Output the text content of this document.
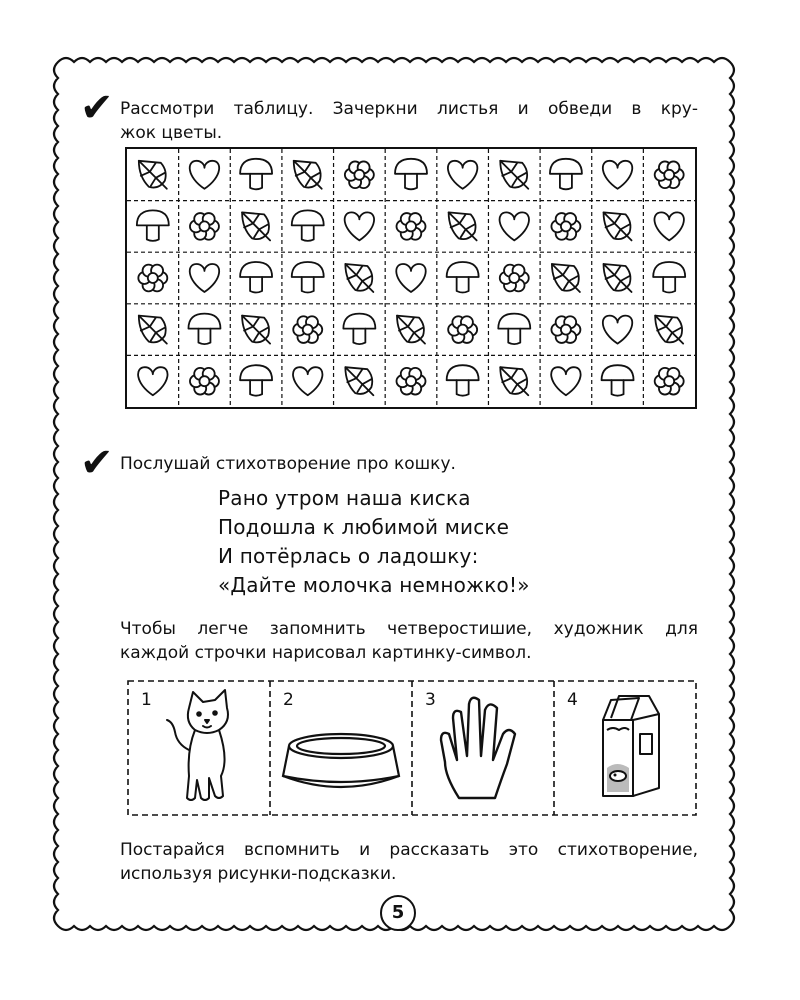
✔ Рассмотри таблицу. Зачеркни листья и обведи в кру-
жок цветы.
✔ Послушай стихотворение про кошку.
Рано утром наша киска
Подошла к любимой миске
И потёрлась о ладошку:
«Дайте молочка немножко!»
Чтобы легче запомнить четверостишие, художник для
каждой строчки нарисовал картинку-символ.
1	2	3	4
Постарайся вспомнить и рассказать это стихотворение,
используя рисунки-подсказки.
5
